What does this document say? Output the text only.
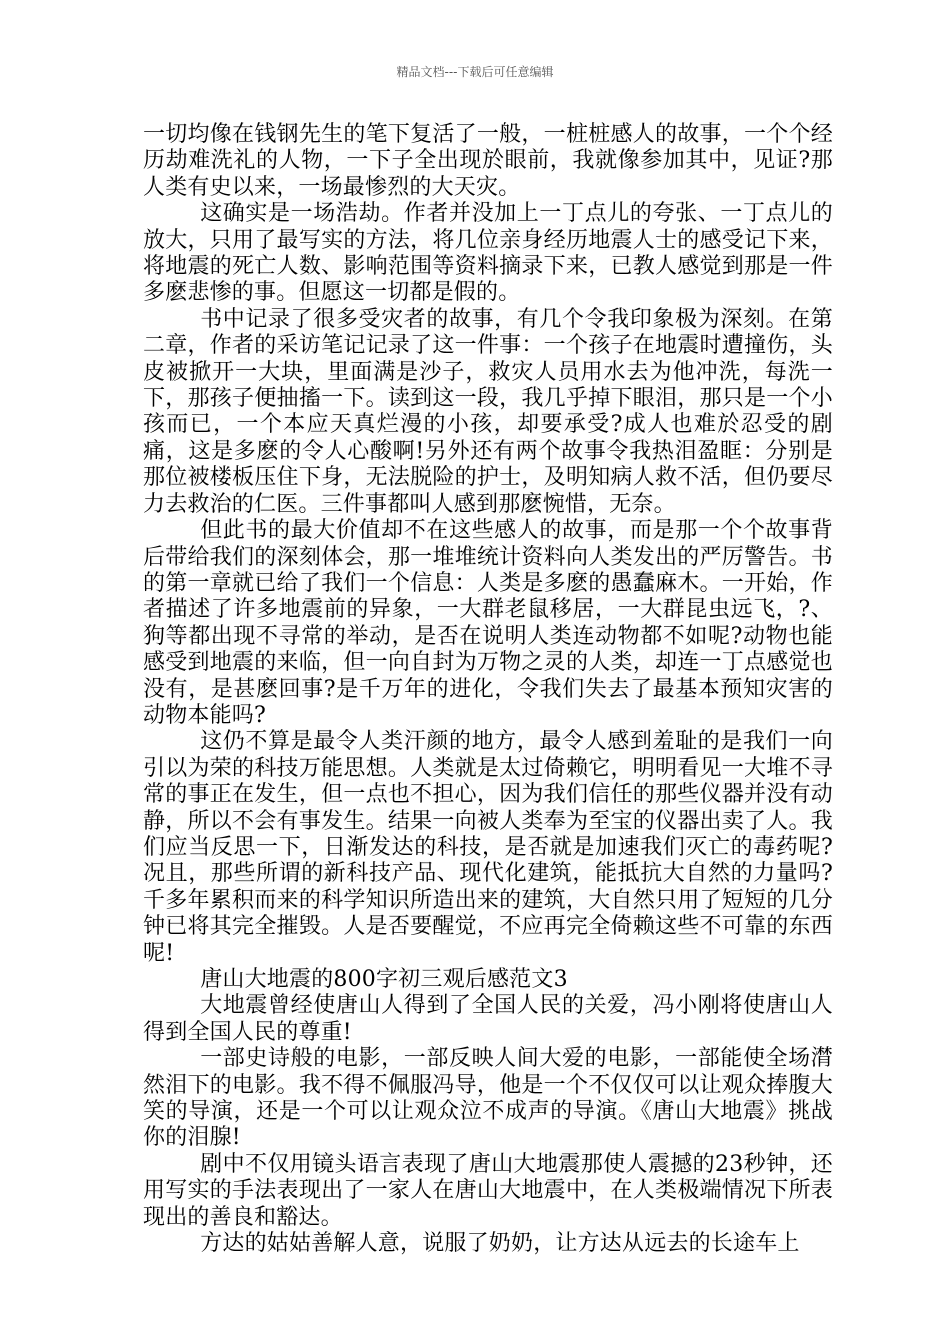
精品文档---下载后可任意编辑

一切均像在钱钢先生的笔下复活了一般，一桩桩感人的故事，一个个经历劫难洗礼的人物，一下子全出现於眼前，我就像参加其中，见证?那人类有史以来，一场最惨烈的大天灾。

这确实是一场浩劫。作者并没加上一丁点儿的夸张、一丁点儿的放大，只用了最写实的方法，将几位亲身经历地震人士的感受记下来，将地震的死亡人数、影响范围等资料摘录下来，已教人感觉到那是一件多麽悲惨的事。但愿这一切都是假的。

书中记录了很多受灾者的故事，有几个令我印象极为深刻。在第二章，作者的采访笔记记录了这一件事：一个孩子在地震时遭撞伤，头皮被掀开一大块，里面满是沙子，救灾人员用水去为他冲洗，每洗一下，那孩子便抽搐一下。读到这一段，我几乎掉下眼泪，那只是一个小孩而已，一个本应天真烂漫的小孩，却要承受?成人也难於忍受的剧痛，这是多麽的令人心酸啊!另外还有两个故事令我热泪盈眶：分别是那位被楼板压住下身，无法脱险的护士，及明知病人救不活，但仍要尽力去救治的仁医。三件事都叫人感到那麽惋惜，无奈。

但此书的最大价值却不在这些感人的故事，而是那一个个故事背后带给我们的深刻体会，那一堆堆统计资料向人类发出的严厉警告。书的第一章就已给了我们一个信息：人类是多麽的愚蠢麻木。一开始，作者描述了许多地震前的异象，一大群老鼠移居，一大群昆虫远飞，?、狗等都出现不寻常的举动，是否在说明人类连动物都不如呢?动物也能感受到地震的来临，但一向自封为万物之灵的人类，却连一丁点感觉也没有，是甚麽回事?是千万年的进化，令我们失去了最基本预知灾害的动物本能吗?

这仍不算是最令人类汗颜的地方，最令人感到羞耻的是我们一向引以为荣的科技万能思想。人类就是太过倚赖它，明明看见一大堆不寻常的事正在发生，但一点也不担心，因为我们信任的那些仪器并没有动静，所以不会有事发生。结果一向被人类奉为至宝的仪器出卖了人。我们应当反思一下，日渐发达的科技，是否就是加速我们灭亡的毒药呢?况且，那些所谓的新科技产品、现代化建筑，能抵抗大自然的力量吗?千多年累积而来的科学知识所造出来的建筑，大自然只用了短短的几分钟已将其完全摧毁。人是否要醒觉，不应再完全倚赖这些不可靠的东西呢!

唐山大地震的800字初三观后感范文3

大地震曾经使唐山人得到了全国人民的关爱，冯小刚将使唐山人得到全国人民的尊重!

一部史诗般的电影，一部反映人间大爱的电影，一部能使全场潸然泪下的电影。我不得不佩服冯导，他是一个不仅仅可以让观众捧腹大笑的导演，还是一个可以让观众泣不成声的导演。《唐山大地震》挑战你的泪腺!

剧中不仅用镜头语言表现了唐山大地震那使人震撼的23秒钟，还用写实的手法表现出了一家人在唐山大地震中，在人类极端情况下所表现出的善良和豁达。

方达的姑姑善解人意，说服了奶奶，让方达从远去的长途车上
